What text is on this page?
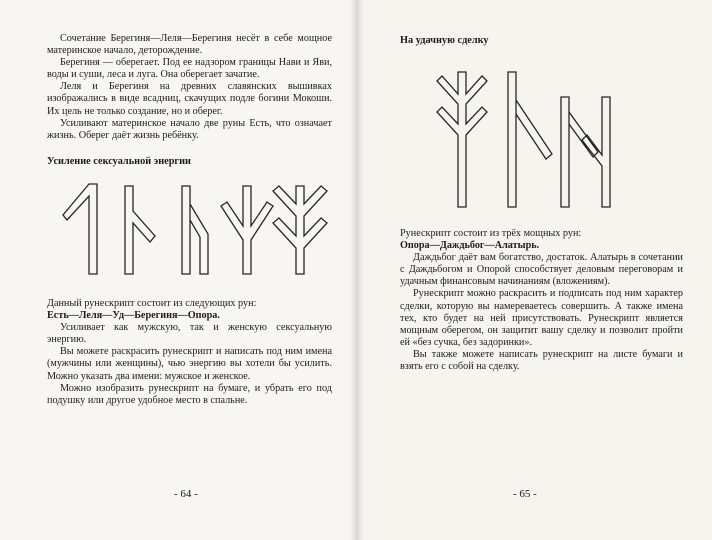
Сочетание Берегиня—Леля—Берегиня несёт в себе мощное материнское начало, деторождение.

Берегиня — оберегает. Под ее надзором границы Нави и Яви, воды и суши, леса и луга. Она оберегает зачатие.

Леля и Берегиня на древних славянских вышивках изображались в виде всадниц, скачущих подле богини Мокоши. Их цель не только создание, но и оберег.

Усиливают материнское начало две руны Есть, что означает жизнь. Оберег даёт жизнь ребёнку.

Усиление сексуальной энергии

Данный рунескрипт состоит из следующих рун:

Есть—Леля—Уд—Берегиня—Опора.

Усиливает как мужскую, так и женскую сексуальную энергию.

Вы можете раскрасить рунескрипт и написать под ним имена (мужчины или женщины), чью энергию вы хотели бы усилить. Можно указать два имени: мужское и женское.

Можно изобразить рунескрипт на бумаге, и убрать его под подушку или другое удобное место в спальне.

- 64 -
На удачную сделку

Рунескрипт состоит из трёх мощных рун:

Опора—Даждьбог—Алатырь.

Даждьбог даёт вам богатство, достаток. Алатырь в сочетании с Даждьбогом и Опорой способствует деловым переговорам и удачным финансовым начинаниям (вложениям).

Рунескрипт можно раскрасить и подписать под ним характер сделки, которую вы намереваетесь совершить. А также имена тех, кто будет на ней присутствовать. Рунескрипт является мощным оберегом, он защитит вашу сделку и позволит пройти ей «без сучка, без задоринки».

Вы также можете написать рунескрипт на листе бумаги и взять его с собой на сделку.

- 65 -
